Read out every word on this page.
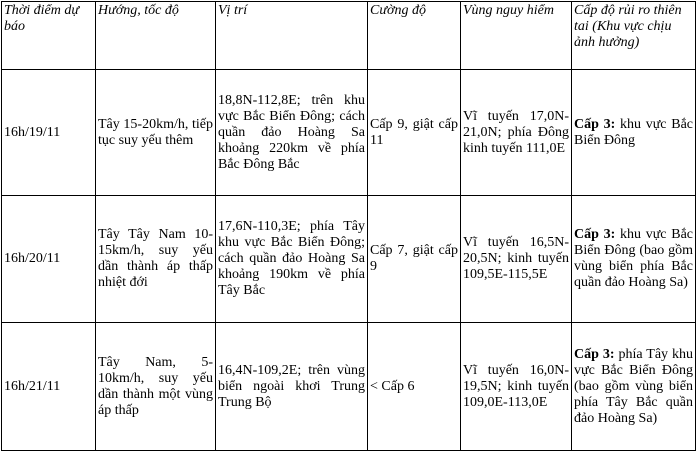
Thời điểm dự báo	Hướng, tốc độ	Vị trí	Cường độ	Vùng nguy hiểm	Cấp độ rủi ro thiên tai (Khu vực chịu ảnh hưởng)
16h/19/11	Tây 15-20km/h, tiếp tục suy yếu thêm	18,8N-112,8E; trên khu vực Bắc Biển Đông; cách quần đảo Hoàng Sa khoảng 220km về phía Bắc Đông Bắc	Cấp 9, giật cấp 11	Vĩ tuyến 17,0N-21,0N; phía Đông kinh tuyến 111,0E	Cấp 3: khu vực Bắc Biển Đông
16h/20/11	Tây Tây Nam 10-15km/h, suy yếu dần thành áp thấp nhiệt đới	17,6N-110,3E; phía Tây khu vực Bắc Biển Đông; cách quần đảo Hoàng Sa khoảng 190km về phía Tây Bắc	Cấp 7, giật cấp 9	Vĩ tuyến 16,5N-20,5N; kinh tuyến 109,5E-115,5E	Cấp 3: khu vực Bắc Biển Đông (bao gồm vùng biển phía Bắc quần đảo Hoàng Sa)
16h/21/11	Tây Nam, 5-10km/h, suy yếu dần thành một vùng áp thấp	16,4N-109,2E; trên vùng biển ngoài khơi Trung Trung Bộ	< Cấp 6	Vĩ tuyến 16,0N-19,5N; kinh tuyến 109,0E-113,0E	Cấp 3: phía Tây khu vực Bắc Biển Đông (bao gồm vùng biển phía Tây Bắc quần đảo Hoàng Sa)
